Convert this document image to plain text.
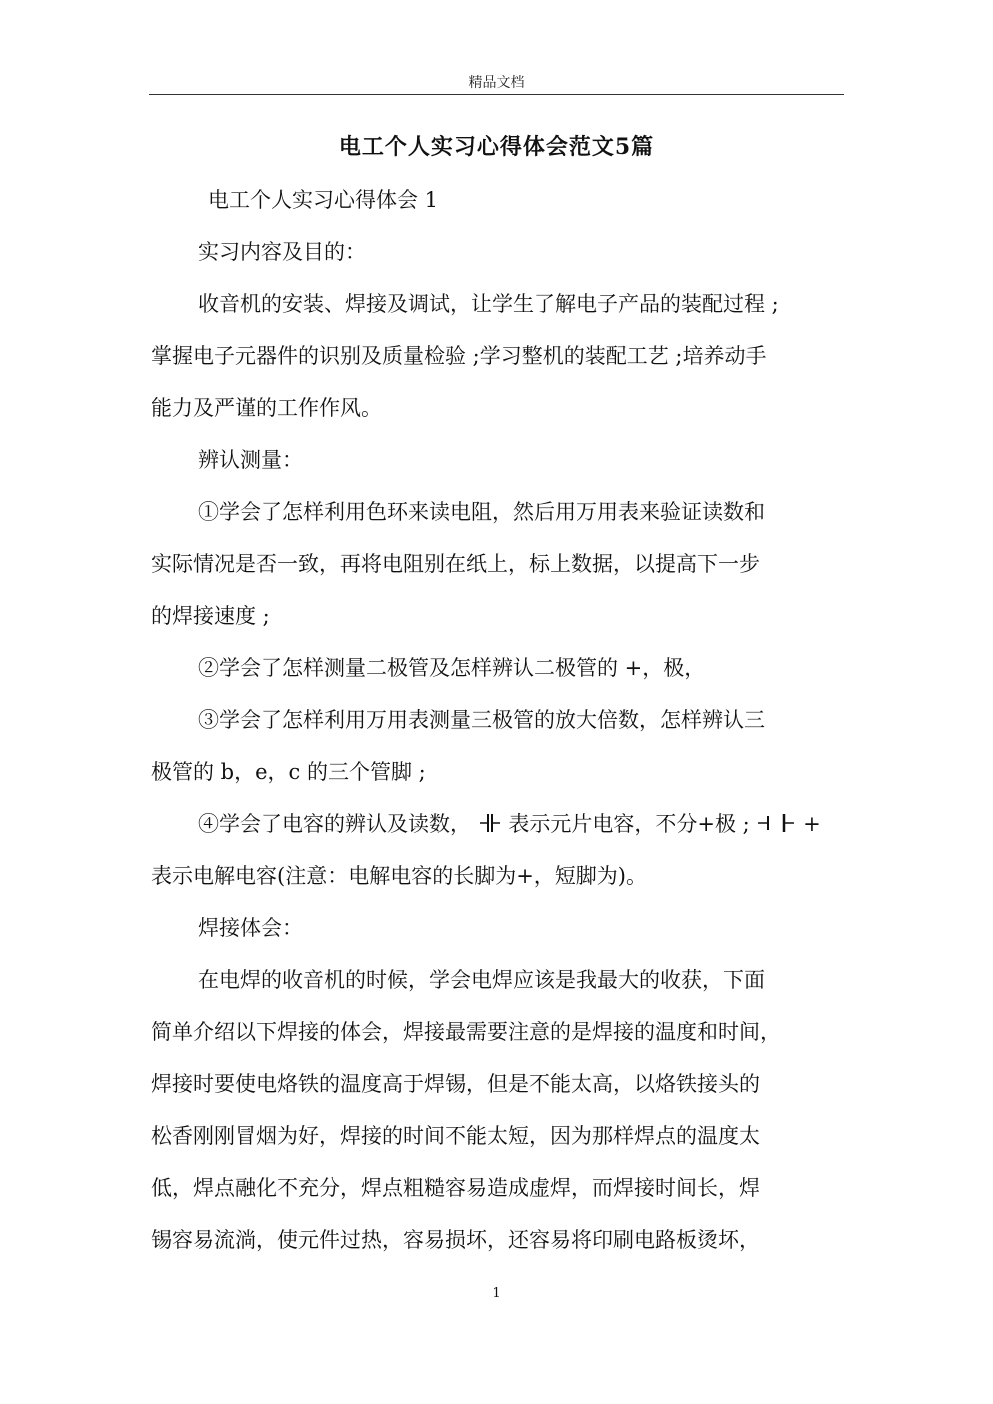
精品文档
电工个人实习心得体会范文5篇
电工个人实习心得体会 1
实习内容及目的：
收音机的安装、焊接及调试，让学生了解电子产品的装配过程 ;
掌握电子元器件的识别及质量检验 ;学习整机的装配工艺 ;培养动手
能力及严谨的工作作风。
辨认测量：
①学会了怎样利用色环来读电阻，然后用万用表来验证读数和
实际情况是否一致，再将电阻别在纸上，标上数据，以提高下一步
的焊接速度 ;
②学会了怎样测量二极管及怎样辨认二极管的 +，极，
③学会了怎样利用万用表测量三极管的放大倍数，怎样辨认三
极管的 b，e，c 的三个管脚 ;
④学会了电容的辨认及读数， 表示元片电容，不分+极 ;	+
表示电解电容(注意：电解电容的长脚为+，短脚为)。
焊接体会：
在电焊的收音机的时候，学会电焊应该是我最大的收获，下面
简单介绍以下焊接的体会，焊接最需要注意的是焊接的温度和时间，
焊接时要使电烙铁的温度高于焊锡，但是不能太高，以烙铁接头的
松香刚刚冒烟为好，焊接的时间不能太短，因为那样焊点的温度太
低，焊点融化不充分，焊点粗糙容易造成虚焊，而焊接时间长，焊
锡容易流淌，使元件过热，容易损坏，还容易将印刷电路板烫坏，
1
